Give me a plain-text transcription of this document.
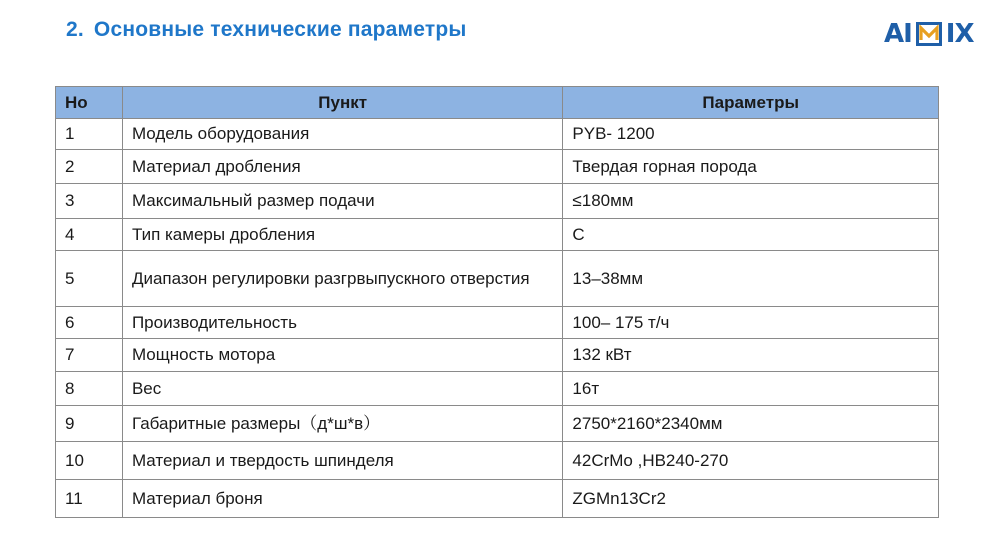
2. Основные технические параметры	AI IX
Но	Пункт	Параметры
1	Модель оборудования	PYB- 1200
2	Материал дробления	Твердая горная порода
3	Максимальный размер подачи	≤180мм
4	Тип камеры дробления	C
5	Диапазон регулировки разгрвыпускного отверстия	13–38мм
6	Производительность	100– 175 т/ч
7	Мощность мотора	132 кВт
8	Вес	16т
9	Габаритные размеры（д*ш*в）	2750*2160*2340мм
10	Материал и твердость шпинделя	42CrMo ,HB240-270
11	Материал броня	ZGMn13Cr2
